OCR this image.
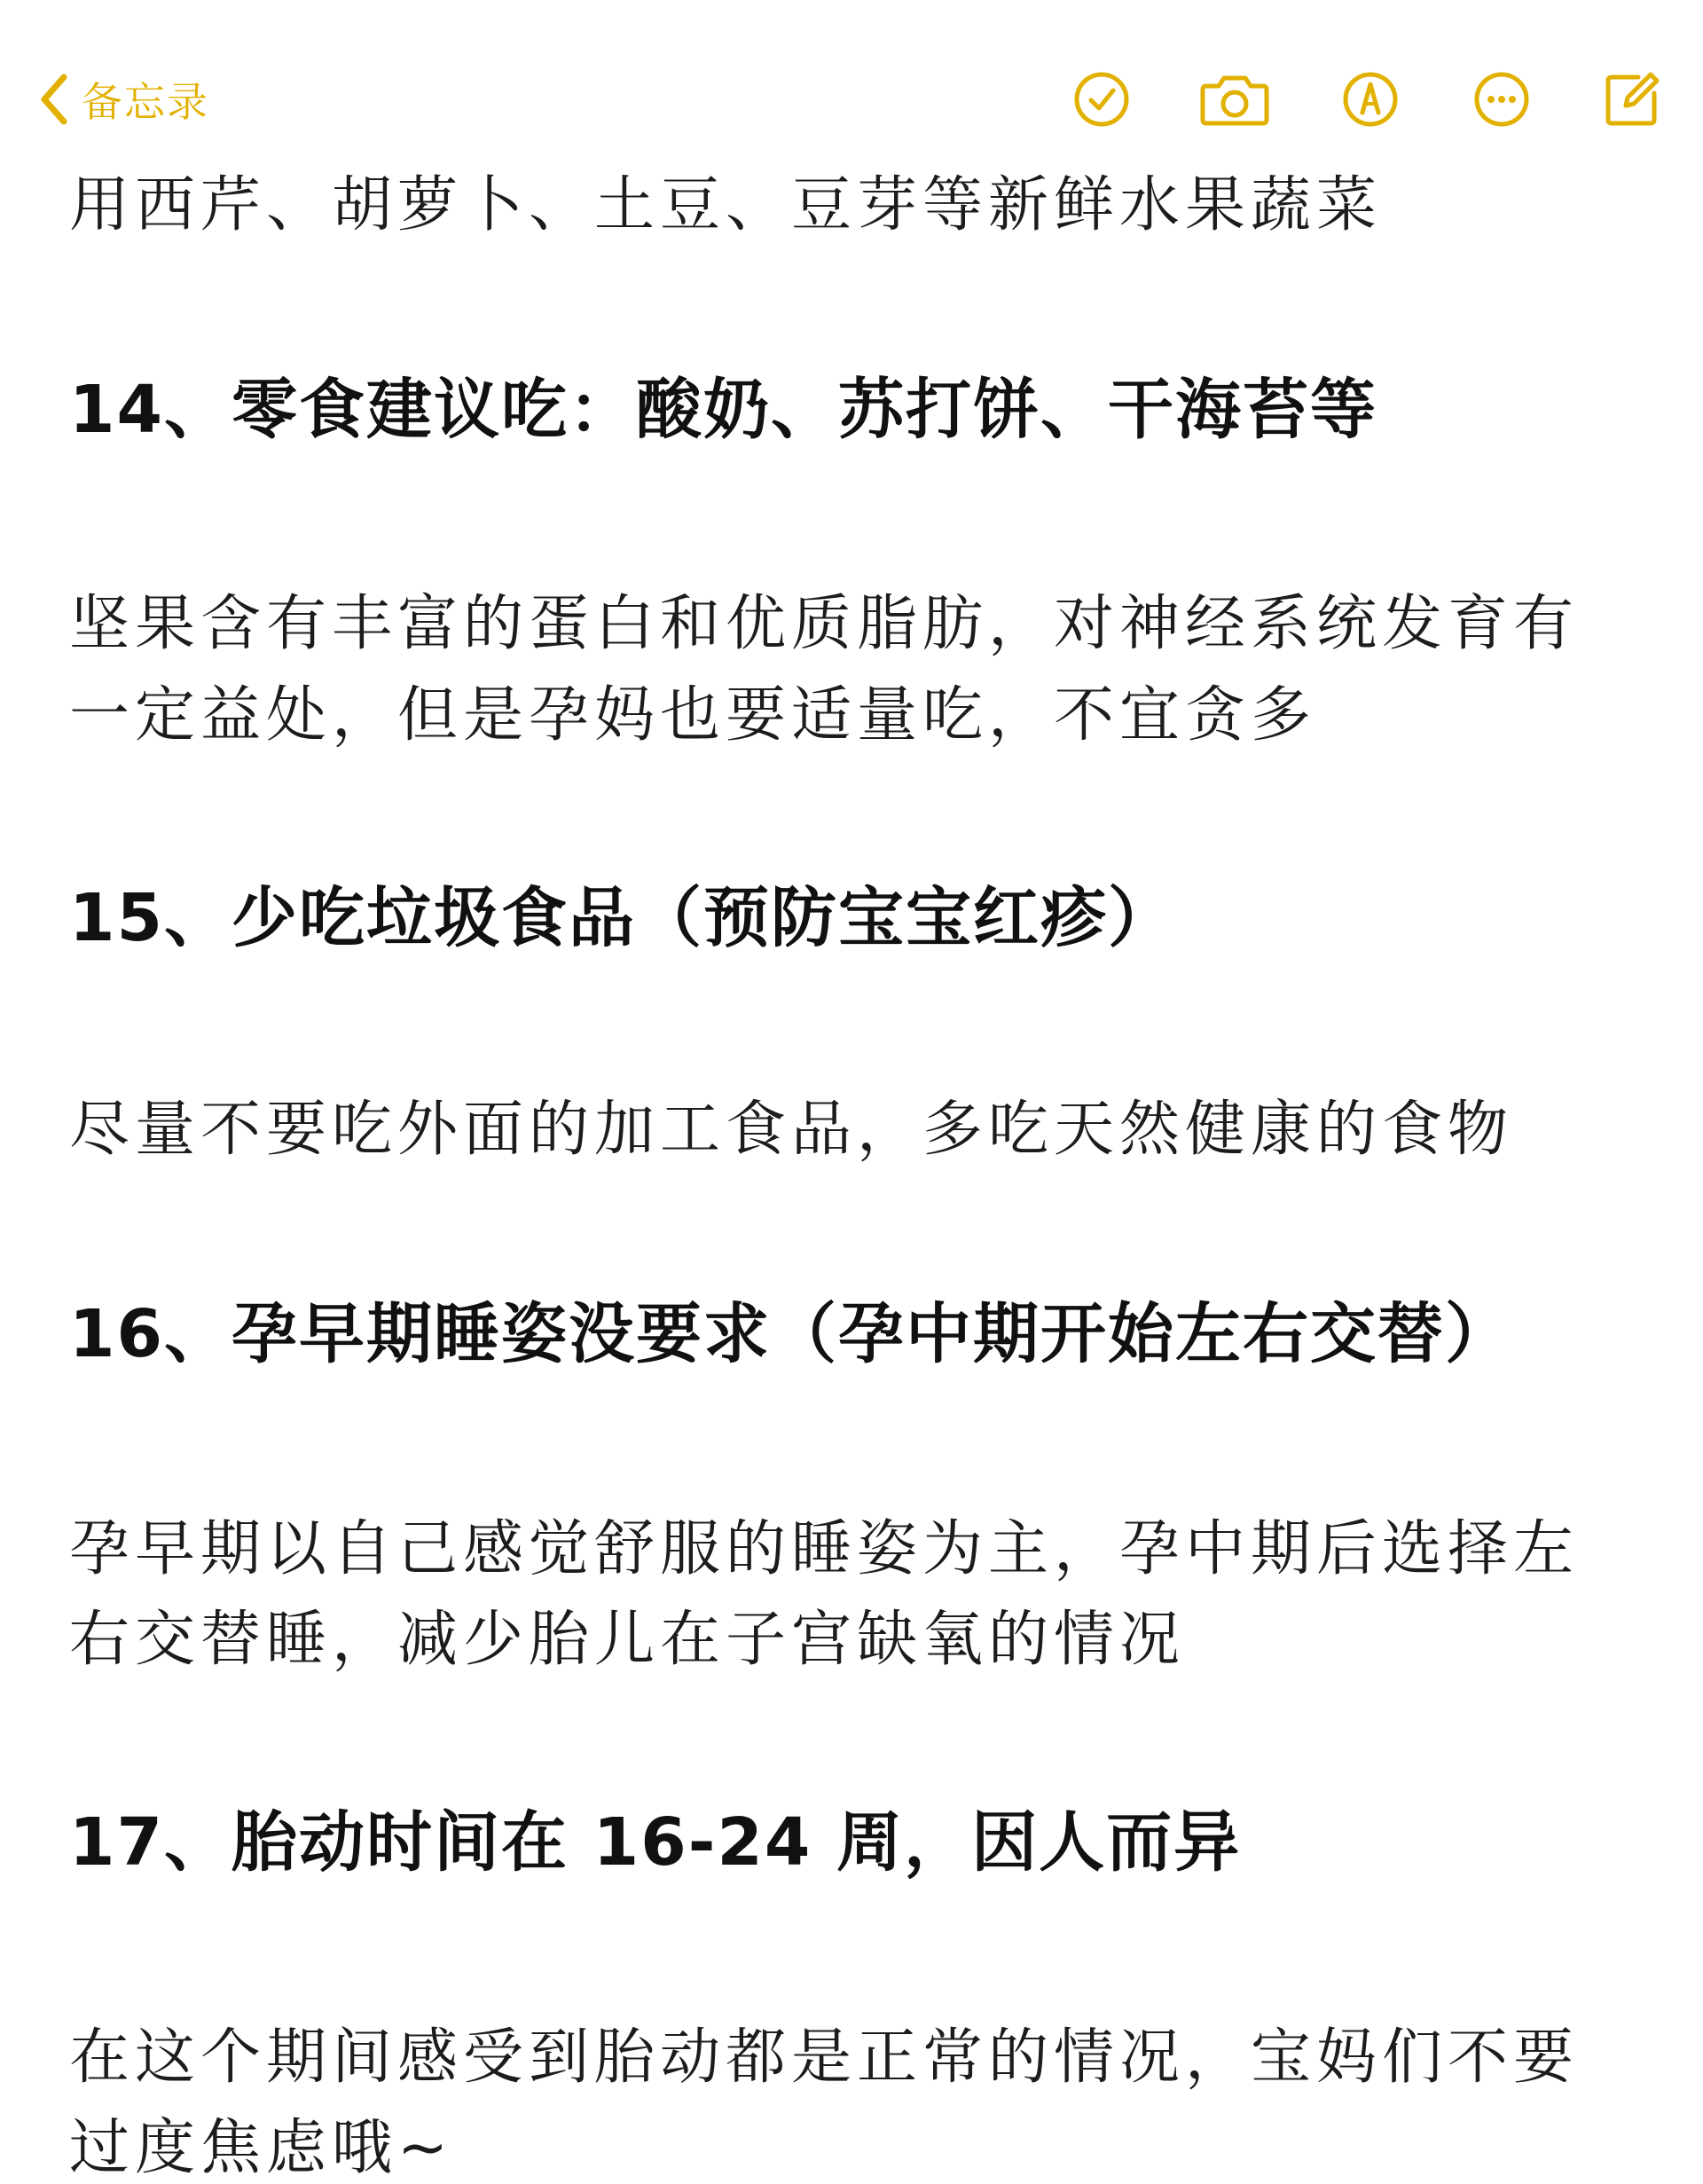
备忘录
用西芹、胡萝卜、土豆、豆芽等新鲜水果蔬菜
14、零食建议吃：酸奶、苏打饼、干海苔等
坚果含有丰富的蛋白和优质脂肪，对神经系统发育有
一定益处，但是孕妈也要适量吃，不宜贪多
15、少吃垃圾食品（预防宝宝红疹）
尽量不要吃外面的加工食品，多吃天然健康的食物
16、孕早期睡姿没要求（孕中期开始左右交替）
孕早期以自己感觉舒服的睡姿为主，孕中期后选择左
右交替睡，减少胎儿在子宫缺氧的情况
17、胎动时间在 16-24 周，因人而异
在这个期间感受到胎动都是正常的情况，宝妈们不要
过度焦虑哦~
